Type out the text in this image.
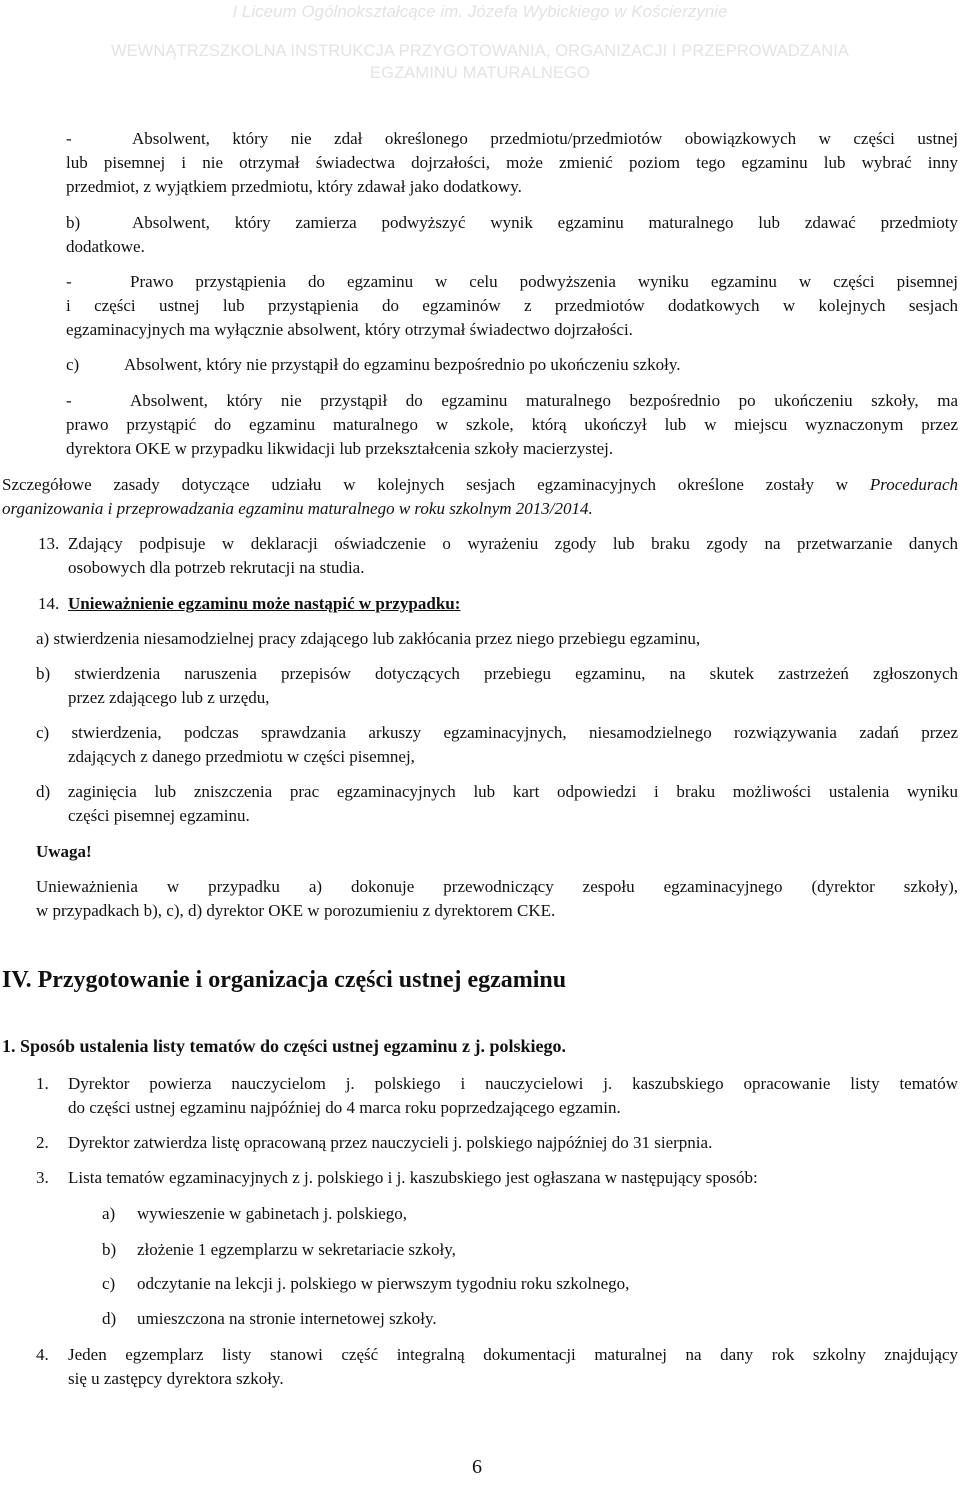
I Liceum Ogólnokształcące im. Józefa Wybickiego w Kościerzynie
WEWNĄTRZSZKOLNA INSTRUKCJA PRZYGOTOWANIA, ORGANIZACJI I PRZEPROWADZANIA
EGZAMINU MATURALNEGO
-	Absolwent, który nie zdał określonego przedmiotu/przedmiotów obowiązkowych w części ustnej
lub pisemnej i nie otrzymał świadectwa dojrzałości, może zmienić poziom tego egzaminu lub wybrać inny
przedmiot, z wyjątkiem przedmiotu, który zdawał jako dodatkowy.
b)	Absolwent, który zamierza podwyższyć wynik egzaminu maturalnego lub zdawać przedmioty
dodatkowe.
-	Prawo przystąpienia do egzaminu w celu podwyższenia wyniku egzaminu w części pisemnej
i części ustnej lub przystąpienia do egzaminów z przedmiotów dodatkowych w kolejnych sesjach
egzaminacyjnych ma wyłącznie absolwent, który otrzymał świadectwo dojrzałości.
c)	Absolwent, który nie przystąpił do egzaminu bezpośrednio po ukończeniu szkoły.
-	Absolwent, który nie przystąpił do egzaminu maturalnego bezpośrednio po ukończeniu szkoły, ma
prawo przystąpić do egzaminu maturalnego w szkole, którą ukończył lub w miejscu wyznaczonym przez
dyrektora OKE w przypadku likwidacji lub przekształcenia szkoły macierzystej.
Szczegółowe zasady dotyczące udziału w kolejnych sesjach egzaminacyjnych określone zostały w Procedurach
organizowania i przeprowadzania egzaminu maturalnego w roku szkolnym 2013/2014.
13. Zdający podpisuje w deklaracji oświadczenie o wyrażeniu zgody lub braku zgody na przetwarzanie danych
osobowych dla potrzeb rekrutacji na studia.
14. Unieważnienie egzaminu może nastąpić w przypadku:
a) stwierdzenia niesamodzielnej pracy zdającego lub zakłócania przez niego przebiegu egzaminu,
b) stwierdzenia naruszenia przepisów dotyczących przebiegu egzaminu, na skutek zastrzeżeń zgłoszonych
przez zdającego lub z urzędu,
c) stwierdzenia, podczas sprawdzania arkuszy egzaminacyjnych, niesamodzielnego rozwiązywania zadań przez
zdających z danego przedmiotu w części pisemnej,
d) zaginięcia lub zniszczenia prac egzaminacyjnych lub kart odpowiedzi i braku możliwości ustalenia wyniku
części pisemnej egzaminu.
Uwaga!
Unieważnienia w przypadku a) dokonuje przewodniczący zespołu egzaminacyjnego (dyrektor szkoły),
w przypadkach b), c), d) dyrektor OKE w porozumieniu z dyrektorem CKE.
IV. Przygotowanie i organizacja części ustnej egzaminu
1. Sposób ustalenia listy tematów do części ustnej egzaminu z j. polskiego.
1. Dyrektor powierza nauczycielom j. polskiego i nauczycielowi j. kaszubskiego opracowanie listy tematów
do części ustnej egzaminu najpóźniej do 4 marca roku poprzedzającego egzamin.
2. Dyrektor zatwierdza listę opracowaną przez nauczycieli j. polskiego najpóźniej do 31 sierpnia.
3. Lista tematów egzaminacyjnych z j. polskiego i j. kaszubskiego jest ogłaszana w następujący sposób:
a) wywieszenie w gabinetach j. polskiego,
b) złożenie 1 egzemplarzu w sekretariacie szkoły,
c) odczytanie na lekcji j. polskiego w pierwszym tygodniu roku szkolnego,
d) umieszczona na stronie internetowej szkoły.
4. Jeden egzemplarz listy stanowi część integralną dokumentacji maturalnej na dany rok szkolny znajdujący
się u zastępcy dyrektora szkoły.
6
